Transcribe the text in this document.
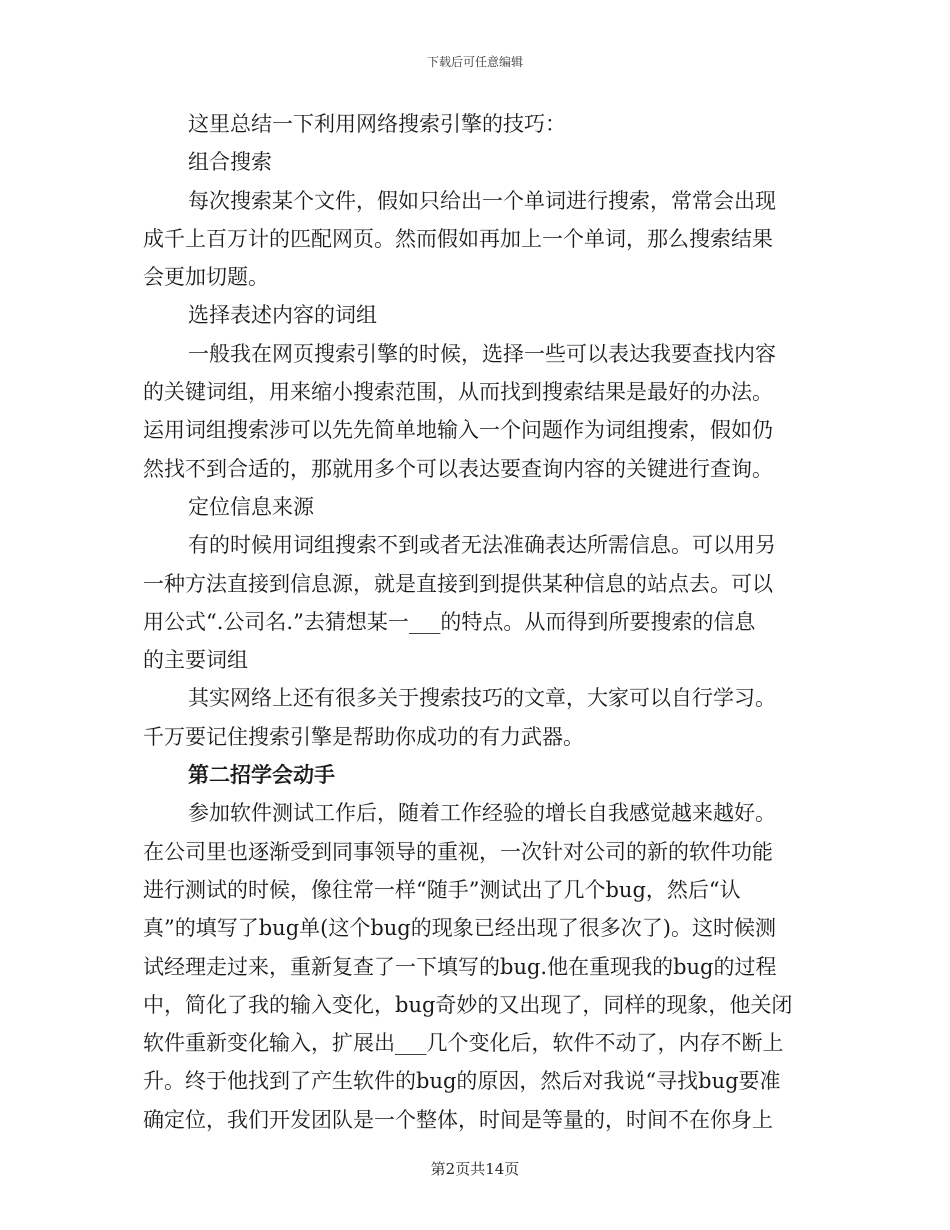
下载后可任意编辑
这里总结一下利用网络搜索引擎的技巧：
组合搜索
每次搜索某个文件，假如只给出一个单词进行搜索，常常会出现
成千上百万计的匹配网页。然而假如再加上一个单词，那么搜索结果
会更加切题。
选择表述内容的词组
一般我在网页搜索引擎的时候，选择一些可以表达我要查找内容
的关键词组，用来缩小搜索范围，从而找到搜索结果是最好的办法。
运用词组搜索涉可以先先简单地输入一个问题作为词组搜索，假如仍
然找不到合适的，那就用多个可以表达要查询内容的关键进行查询。
定位信息来源
有的时候用词组搜索不到或者无法准确表达所需信息。可以用另
一种方法直接到信息源，就是直接到到提供某种信息的站点去。可以
用公式“.公司名.”去猜想某一___的特点。从而得到所要搜索的信息
的主要词组
其实网络上还有很多关于搜索技巧的文章，大家可以自行学习。
千万要记住搜索引擎是帮助你成功的有力武器。
第二招学会动手
参加软件测试工作后，随着工作经验的增长自我感觉越来越好。
在公司里也逐渐受到同事领导的重视，一次针对公司的新的软件功能
进行测试的时候，像往常一样“随手”测试出了几个bug，然后“认
真”的填写了bug单(这个bug的现象已经出现了很多次了)。这时候测
试经理走过来，重新复查了一下填写的bug.他在重现我的bug的过程
中，简化了我的输入变化，bug奇妙的又出现了，同样的现象，他关闭
软件重新变化输入，扩展出___几个变化后，软件不动了，内存不断上
升。终于他找到了产生软件的bug的原因，然后对我说“寻找bug要准
确定位，我们开发团队是一个整体，时间是等量的，时间不在你身上
第2页共14页
